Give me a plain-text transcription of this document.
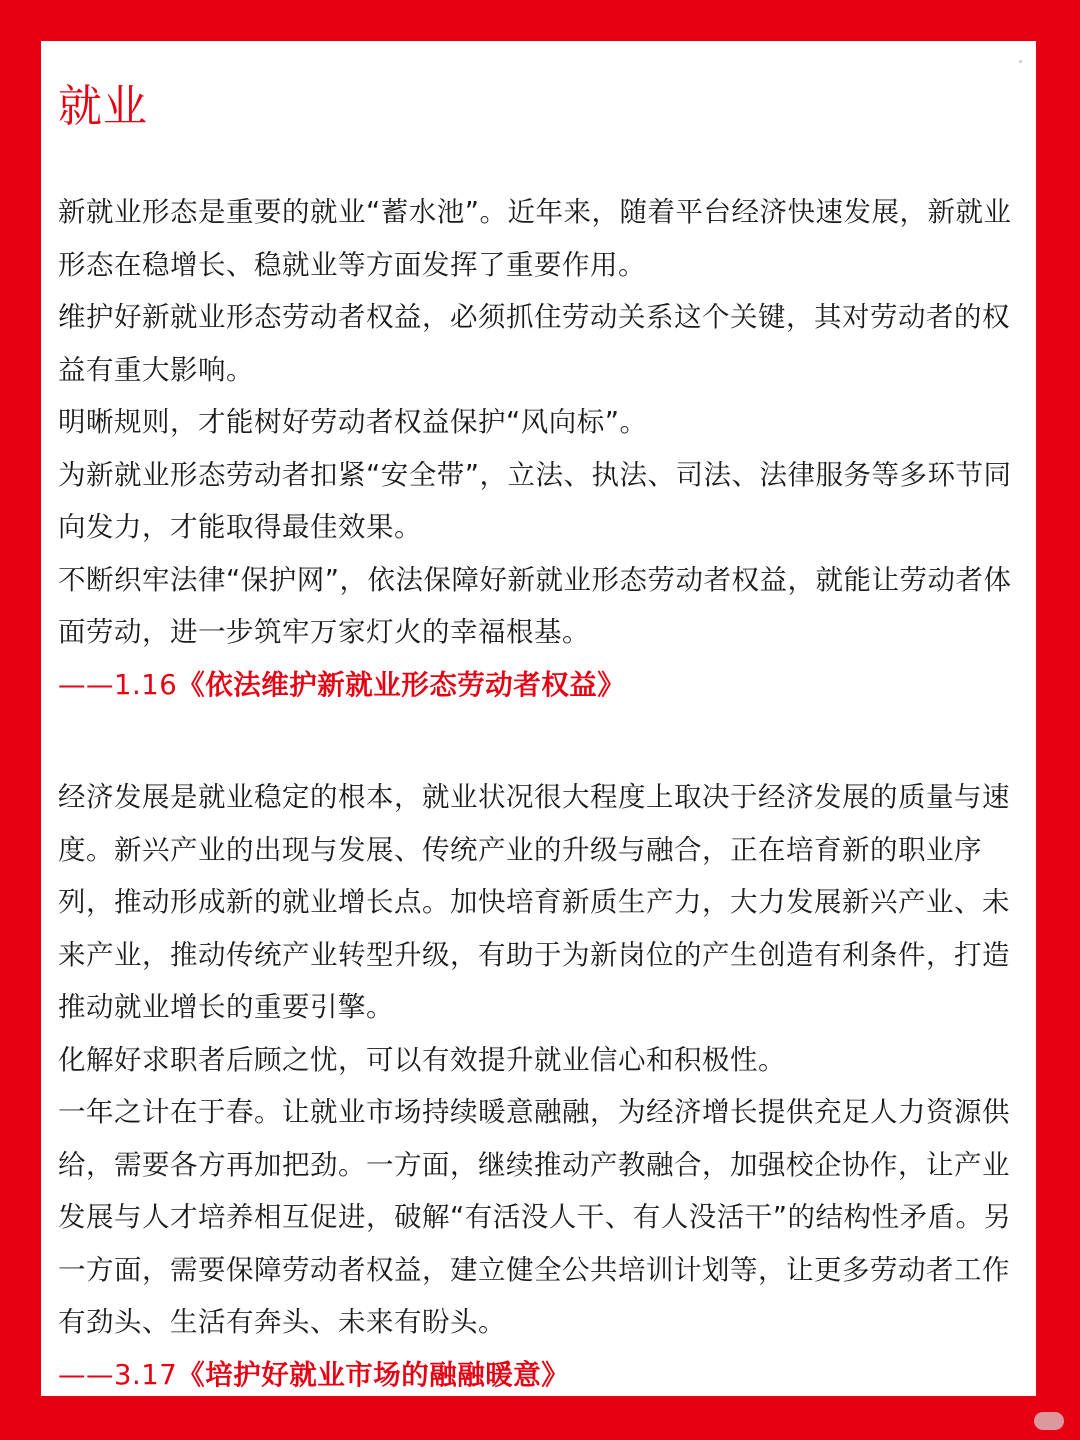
就业

新就业形态是重要的就业“蓄水池”。近年来，随着平台经济快速发展，新就业形态在稳增长、稳就业等方面发挥了重要作用。

维护好新就业形态劳动者权益，必须抓住劳动关系这个关键，其对劳动者的权益有重大影响。

明晰规则，才能树好劳动者权益保护“风向标”。

为新就业形态劳动者扣紧“安全带”，立法、执法、司法、法律服务等多环节同向发力，才能取得最佳效果。

不断织牢法律“保护网”，依法保障好新就业形态劳动者权益，就能让劳动者体面劳动，进一步筑牢万家灯火的幸福根基。

——1.16《依法维护新就业形态劳动者权益》

经济发展是就业稳定的根本，就业状况很大程度上取决于经济发展的质量与速度。新兴产业的出现与发展、传统产业的升级与融合，正在培育新的职业序列，推动形成新的就业增长点。加快培育新质生产力，大力发展新兴产业、未来产业，推动传统产业转型升级，有助于为新岗位的产生创造有利条件，打造推动就业增长的重要引擎。

化解好求职者后顾之忧，可以有效提升就业信心和积极性。

一年之计在于春。让就业市场持续暖意融融，为经济增长提供充足人力资源供给，需要各方再加把劲。一方面，继续推动产教融合，加强校企协作，让产业发展与人才培养相互促进，破解“有活没人干、有人没活干”的结构性矛盾。另一方面，需要保障劳动者权益，建立健全公共培训计划等，让更多劳动者工作有劲头、生活有奔头、未来有盼头。

——3.17《培护好就业市场的融融暖意》
